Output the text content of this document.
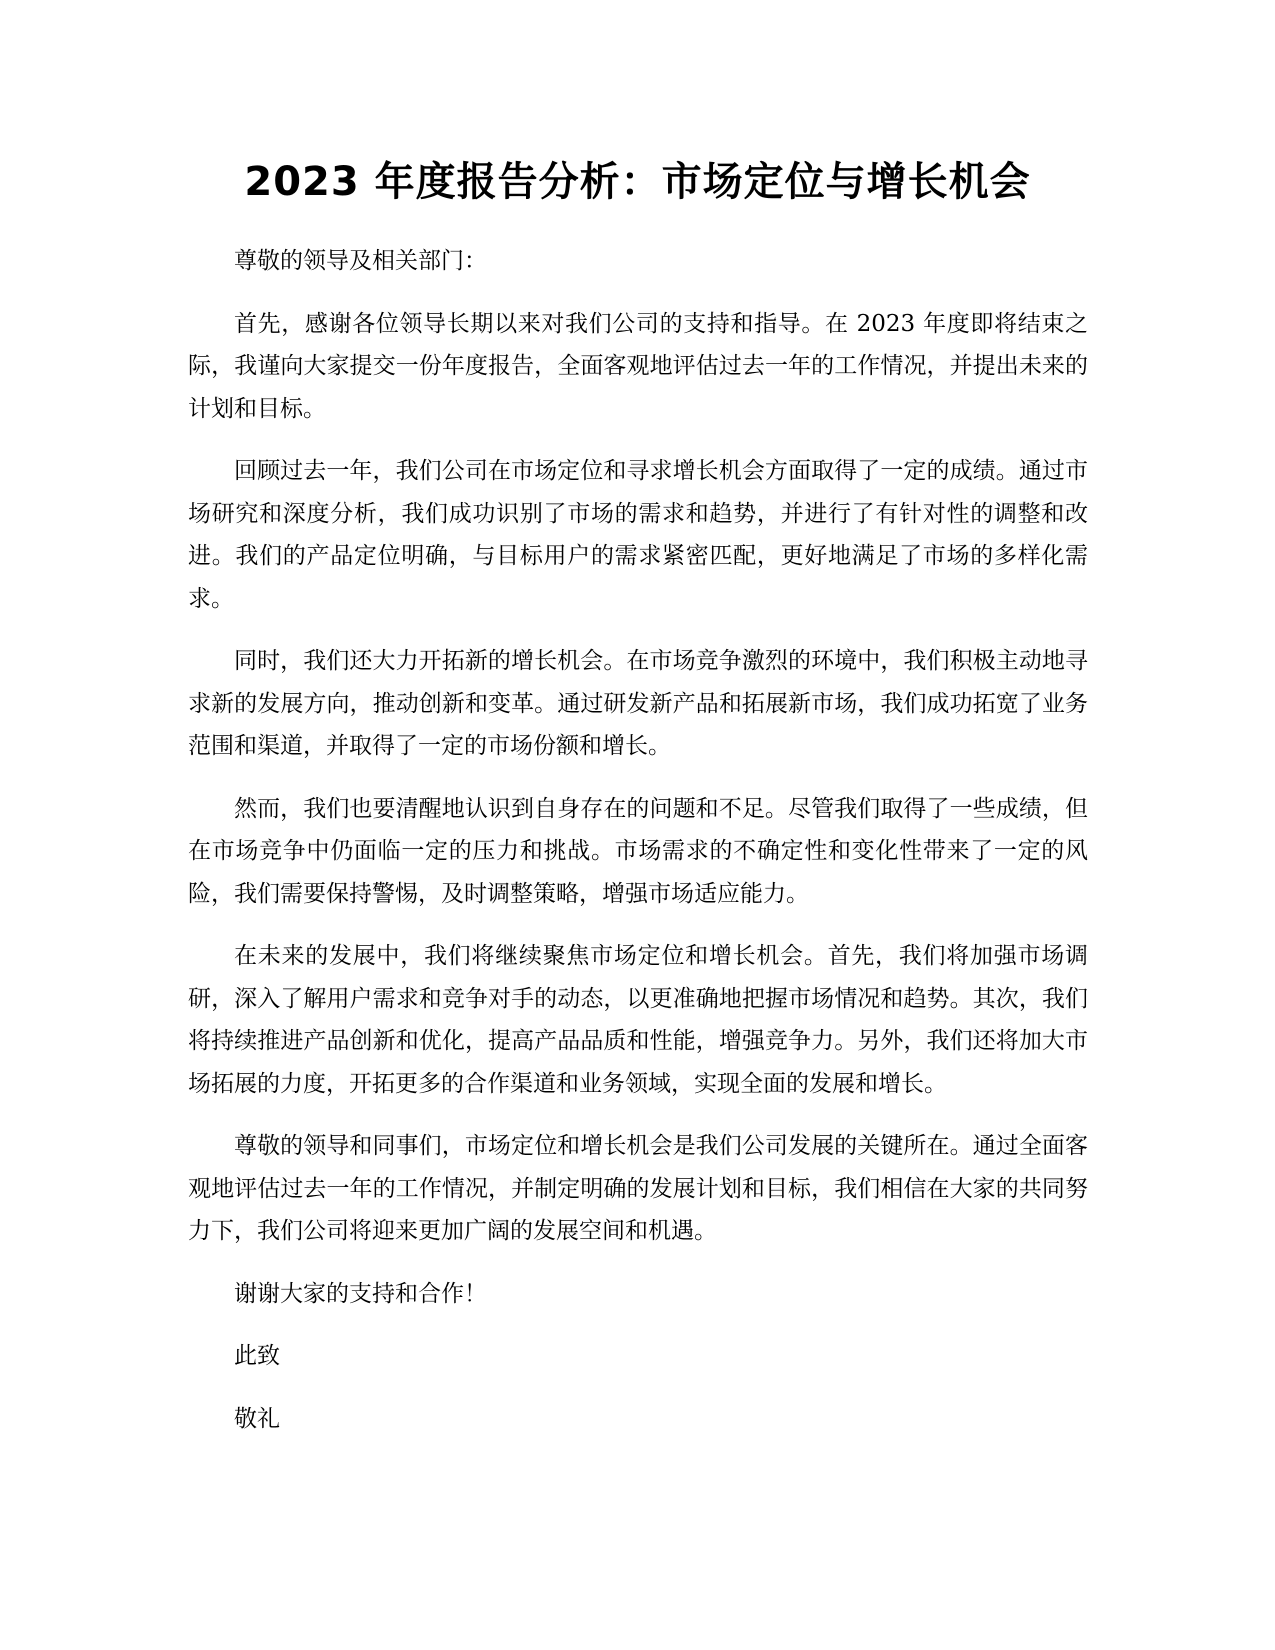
2023 年度报告分析：市场定位与增长机会

尊敬的领导及相关部门：

首先，感谢各位领导长期以来对我们公司的支持和指导。在 2023 年度即将结束之际，我谨向大家提交一份年度报告，全面客观地评估过去一年的工作情况，并提出未来的计划和目标。

回顾过去一年，我们公司在市场定位和寻求增长机会方面取得了一定的成绩。通过市场研究和深度分析，我们成功识别了市场的需求和趋势，并进行了有针对性的调整和改进。我们的产品定位明确，与目标用户的需求紧密匹配，更好地满足了市场的多样化需求。

同时，我们还大力开拓新的增长机会。在市场竞争激烈的环境中，我们积极主动地寻求新的发展方向，推动创新和变革。通过研发新产品和拓展新市场，我们成功拓宽了业务范围和渠道，并取得了一定的市场份额和增长。

然而，我们也要清醒地认识到自身存在的问题和不足。尽管我们取得了一些成绩，但在市场竞争中仍面临一定的压力和挑战。市场需求的不确定性和变化性带来了一定的风险，我们需要保持警惕，及时调整策略，增强市场适应能力。

在未来的发展中，我们将继续聚焦市场定位和增长机会。首先，我们将加强市场调研，深入了解用户需求和竞争对手的动态，以更准确地把握市场情况和趋势。其次，我们将持续推进产品创新和优化，提高产品品质和性能，增强竞争力。另外，我们还将加大市场拓展的力度，开拓更多的合作渠道和业务领域，实现全面的发展和增长。

尊敬的领导和同事们，市场定位和增长机会是我们公司发展的关键所在。通过全面客观地评估过去一年的工作情况，并制定明确的发展计划和目标，我们相信在大家的共同努力下，我们公司将迎来更加广阔的发展空间和机遇。

谢谢大家的支持和合作！

此致

敬礼
